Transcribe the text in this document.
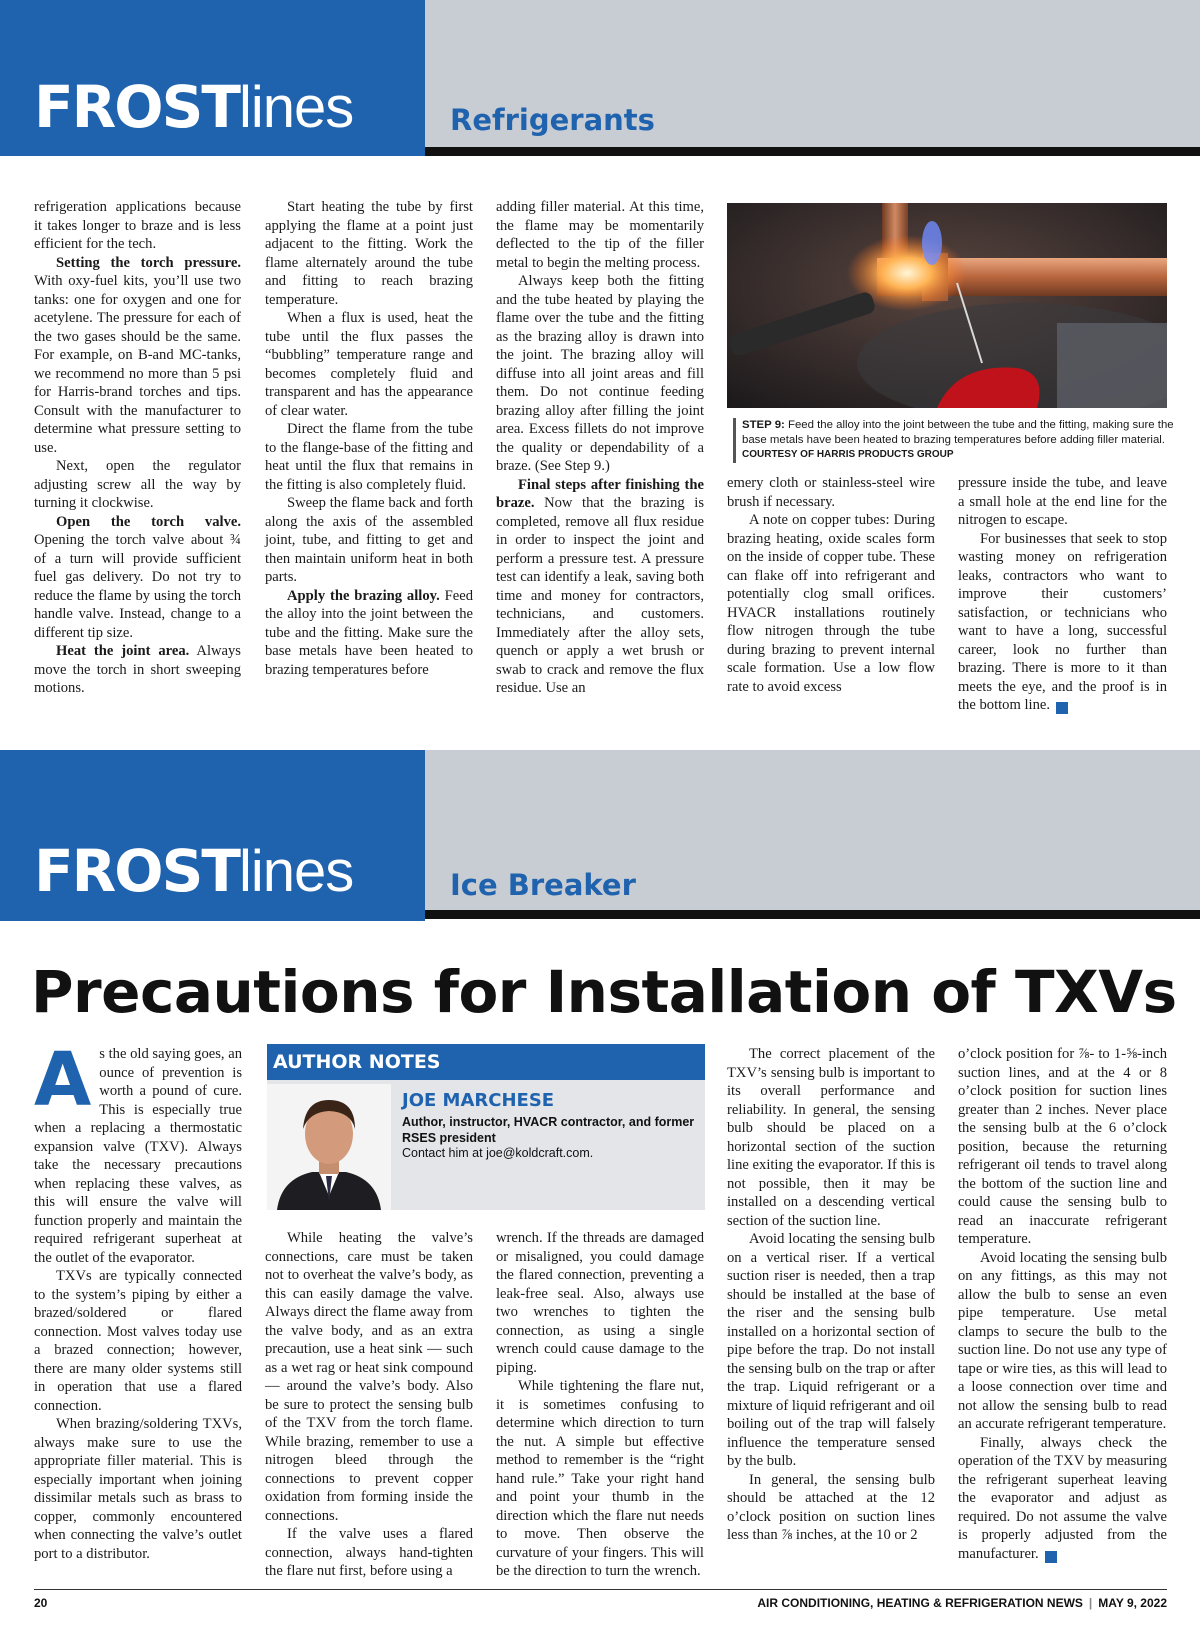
FROSTlines	Refrigerants

refrigeration applications because it takes longer to braze and is less efficient for the tech.

Setting the torch pressure. With oxy-fuel kits, you’ll use two tanks: one for oxygen and one for acetylene. The pressure for each of the two gases should be the same. For example, on B-and MC-tanks, we recommend no more than 5 psi for Harris-brand torches and tips. Consult with the manufacturer to determine what pressure setting to use.

Next, open the regulator adjusting screw all the way by turning it clockwise.

Open the torch valve. Opening the torch valve about ¾ of a turn will provide sufficient fuel gas delivery. Do not try to reduce the flame by using the torch handle valve. Instead, change to a different tip size.

Heat the joint area. Always move the torch in short sweeping motions.

Start heating the tube by first applying the flame at a point just adjacent to the fitting. Work the flame alternately around the tube and fitting to reach brazing temperature.

When a flux is used, heat the tube until the flux passes the “bubbling” temperature range and becomes completely fluid and transparent and has the appearance of clear water.

Direct the flame from the tube to the flange-base of the fitting and heat until the flux that remains in the fitting is also completely fluid.

Sweep the flame back and forth along the axis of the assembled joint, tube, and fitting to get and then maintain uniform heat in both parts.

Apply the brazing alloy. Feed the alloy into the joint between the tube and the fitting. Make sure the base metals have been heated to brazing temperatures before

adding filler material. At this time, the flame may be momentarily deflected to the tip of the filler metal to begin the melting process.

Always keep both the fitting and the tube heated by playing the flame over the tube and the fitting as the brazing alloy is drawn into the joint. The brazing alloy will diffuse into all joint areas and fill them. Do not continue feeding brazing alloy after filling the joint area. Excess fillets do not improve the quality or dependability of a braze. (See Step 9.)

Final steps after finishing the braze. Now that the brazing is completed, remove all flux residue in order to inspect the joint and perform a pressure test. A pressure test can identify a leak, saving both time and money for contractors, technicians, and customers. Immediately after the alloy sets, quench or apply a wet brush or swab to crack and remove the flux residue. Use an

STEP 9: Feed the alloy into the joint between the tube and the fitting, making sure the base metals have been heated to brazing temperatures before adding filler material. COURTESY OF HARRIS PRODUCTS GROUP

emery cloth or stainless-steel wire brush if necessary.

A note on copper tubes: During brazing heating, oxide scales form on the inside of copper tube. These can flake off into refrigerant and potentially clog small orifices. HVACR installations routinely flow nitrogen through the tube during brazing to prevent internal scale formation. Use a low flow rate to avoid excess

pressure inside the tube, and leave a small hole at the end line for the nitrogen to escape.

For businesses that seek to stop wasting money on refrigeration leaks, contractors who want to improve their customers’ satisfaction, or technicians who want to have a long, successful career, look no further than brazing. There is more to it than meets the eye, and the proof is in the bottom line.	N

FROSTlines	Ice Breaker
Precautions for Installation of TXVs

As the old saying goes, an ounce of prevention is worth a pound of cure. This is especially true when a replacing a thermostatic expansion valve (TXV). Always take the necessary precautions when replacing these valves, as this will ensure the valve will function properly and maintain the required refrigerant superheat at the outlet of the evaporator.

TXVs are typically connected to the system’s piping by either a brazed/soldered or flared connection. Most valves today use a brazed connection; however, there are many older systems still in operation that use a flared connection.

When brazing/soldering TXVs, always make sure to use the appropriate filler material. This is especially important when joining dissimilar metals such as brass to copper, commonly encountered when connecting the valve’s outlet port to a distributor.

AUTHOR NOTES
JOE MARCHESE
Author, instructor, HVACR contractor, and former RSES president
Contact him at joe@koldcraft.com.

While heating the valve’s connections, care must be taken not to overheat the valve’s body, as this can easily damage the valve. Always direct the flame away from the valve body, and as an extra precaution, use a heat sink — such as a wet rag or heat sink compound — around the valve’s body. Also be sure to protect the sensing bulb of the TXV from the torch flame. While brazing, remember to use a nitrogen bleed through the connections to prevent copper oxidation from forming inside the connections.

If the valve uses a flared connection, always hand-tighten the flare nut first, before using a

wrench. If the threads are damaged or misaligned, you could damage the flared connection, preventing a leak-free seal. Also, always use two wrenches to tighten the connection, as using a single wrench could cause damage to the piping.

While tightening the flare nut, it is sometimes confusing to determine which direction to turn the nut. A simple but effective method to remember is the “right hand rule.” Take your right hand and point your thumb in the direction which the flare nut needs to move. Then observe the curvature of your fingers. This will be the direction to turn the wrench.

The correct placement of the TXV’s sensing bulb is important to its overall performance and reliability. In general, the sensing bulb should be placed on a horizontal section of the suction line exiting the evaporator. If this is not possible, then it may be installed on a descending vertical section of the suction line.

Avoid locating the sensing bulb on a vertical riser. If a vertical suction riser is needed, then a trap should be installed at the base of the riser and the sensing bulb installed on a horizontal section of pipe before the trap. Do not install the sensing bulb on the trap or after the trap. Liquid refrigerant or a mixture of liquid refrigerant and oil boiling out of the trap will falsely influence the temperature sensed by the bulb.

In general, the sensing bulb should be attached at the 12 o’clock position on suction lines less than ⅞ inches, at the 10 or 2

o’clock position for ⅞- to 1-⅝-inch suction lines, and at the 4 or 8 o’clock position for suction lines greater than 2 inches. Never place the sensing bulb at the 6 o’clock position, because the returning refrigerant oil tends to travel along the bottom of the suction line and could cause the sensing bulb to read an inaccurate refrigerant temperature.

Avoid locating the sensing bulb on any fittings, as this may not allow the bulb to sense an even pipe temperature. Use metal clamps to secure the bulb to the suction line. Do not use any type of tape or wire ties, as this will lead to a loose connection over time and not allow the sensing bulb to read an accurate refrigerant temperature.

Finally, always check the operation of the TXV by measuring the refrigerant superheat leaving the evaporator and adjust as required. Do not assume the valve is properly adjusted from the manufacturer.	N

20	AIR CONDITIONING, HEATING & REFRIGERATION NEWS | MAY 9, 2022
